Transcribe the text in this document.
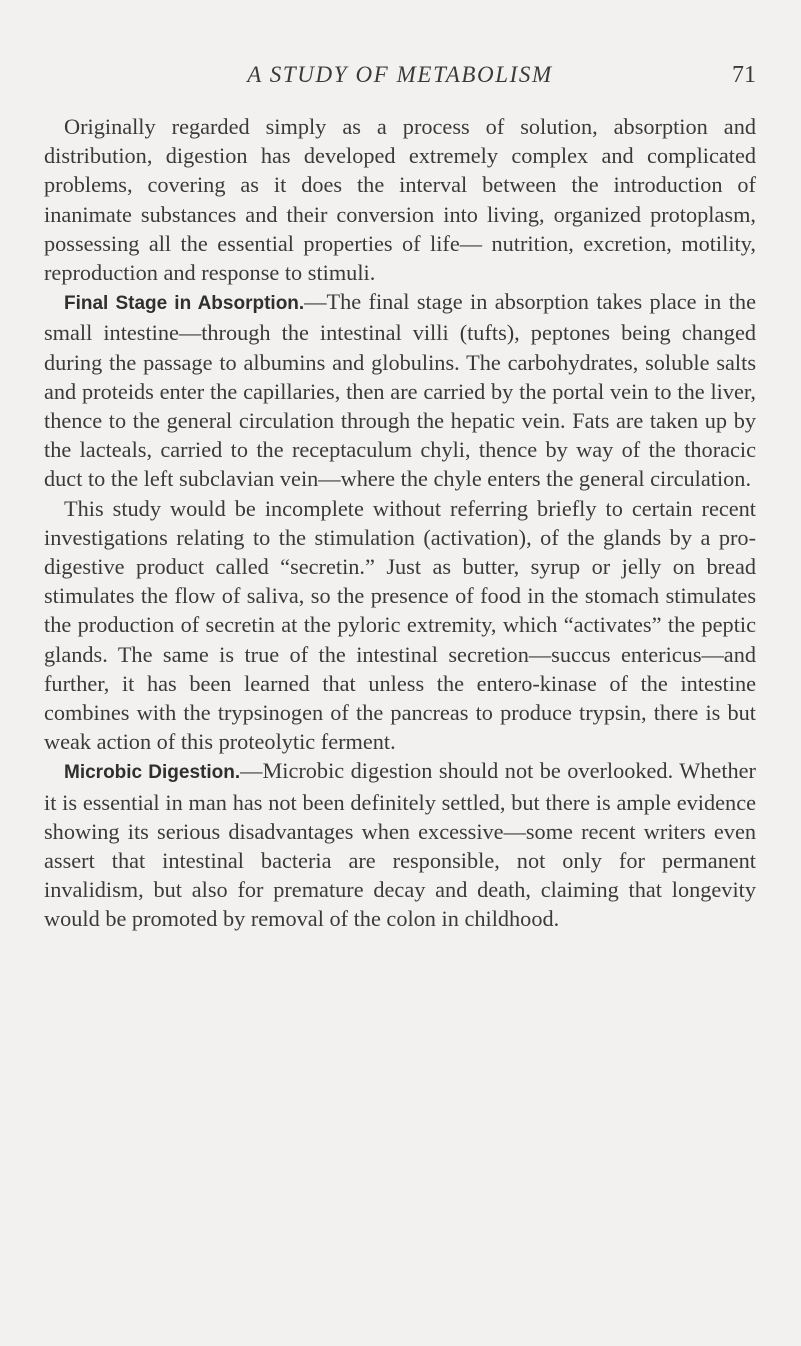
A STUDY OF METABOLISM	71

Originally regarded simply as a process of solution, absorption and distribution, digestion has developed extremely complex and complicated problems, covering as it does the interval between the introduction of inanimate substances and their conversion into living, organized protoplasm, possessing all the essential properties of life— nutrition, excretion, motility, reproduction and response to stimuli.

Final Stage in Absorption.—The final stage in absorption takes place in the small intestine—through the intestinal villi (tufts), peptones being changed during the passage to albumins and globulins. The carbohydrates, soluble salts and proteids enter the capillaries, then are carried by the portal vein to the liver, thence to the general circulation through the hepatic vein. Fats are taken up by the lacteals, carried to the receptaculum chyli, thence by way of the thoracic duct to the left subclavian vein—where the chyle enters the general circulation.

This study would be incomplete without referring briefly to certain recent investigations relating to the stimulation (activation), of the glands by a pro-digestive product called “secretin.” Just as butter, syrup or jelly on bread stimulates the flow of saliva, so the presence of food in the stomach stimulates the production of secretin at the pyloric extremity, which “activates” the peptic glands. The same is true of the intestinal secretion—succus entericus—and further, it has been learned that unless the entero-kinase of the intestine combines with the trypsinogen of the pancreas to produce trypsin, there is but weak action of this proteolytic ferment.

Microbic Digestion.—Microbic digestion should not be overlooked. Whether it is essential in man has not been definitely settled, but there is ample evidence showing its serious disadvantages when excessive—some recent writers even assert that intestinal bacteria are responsible, not only for permanent invalidism, but also for premature decay and death, claiming that longevity would be promoted by removal of the colon in childhood.
